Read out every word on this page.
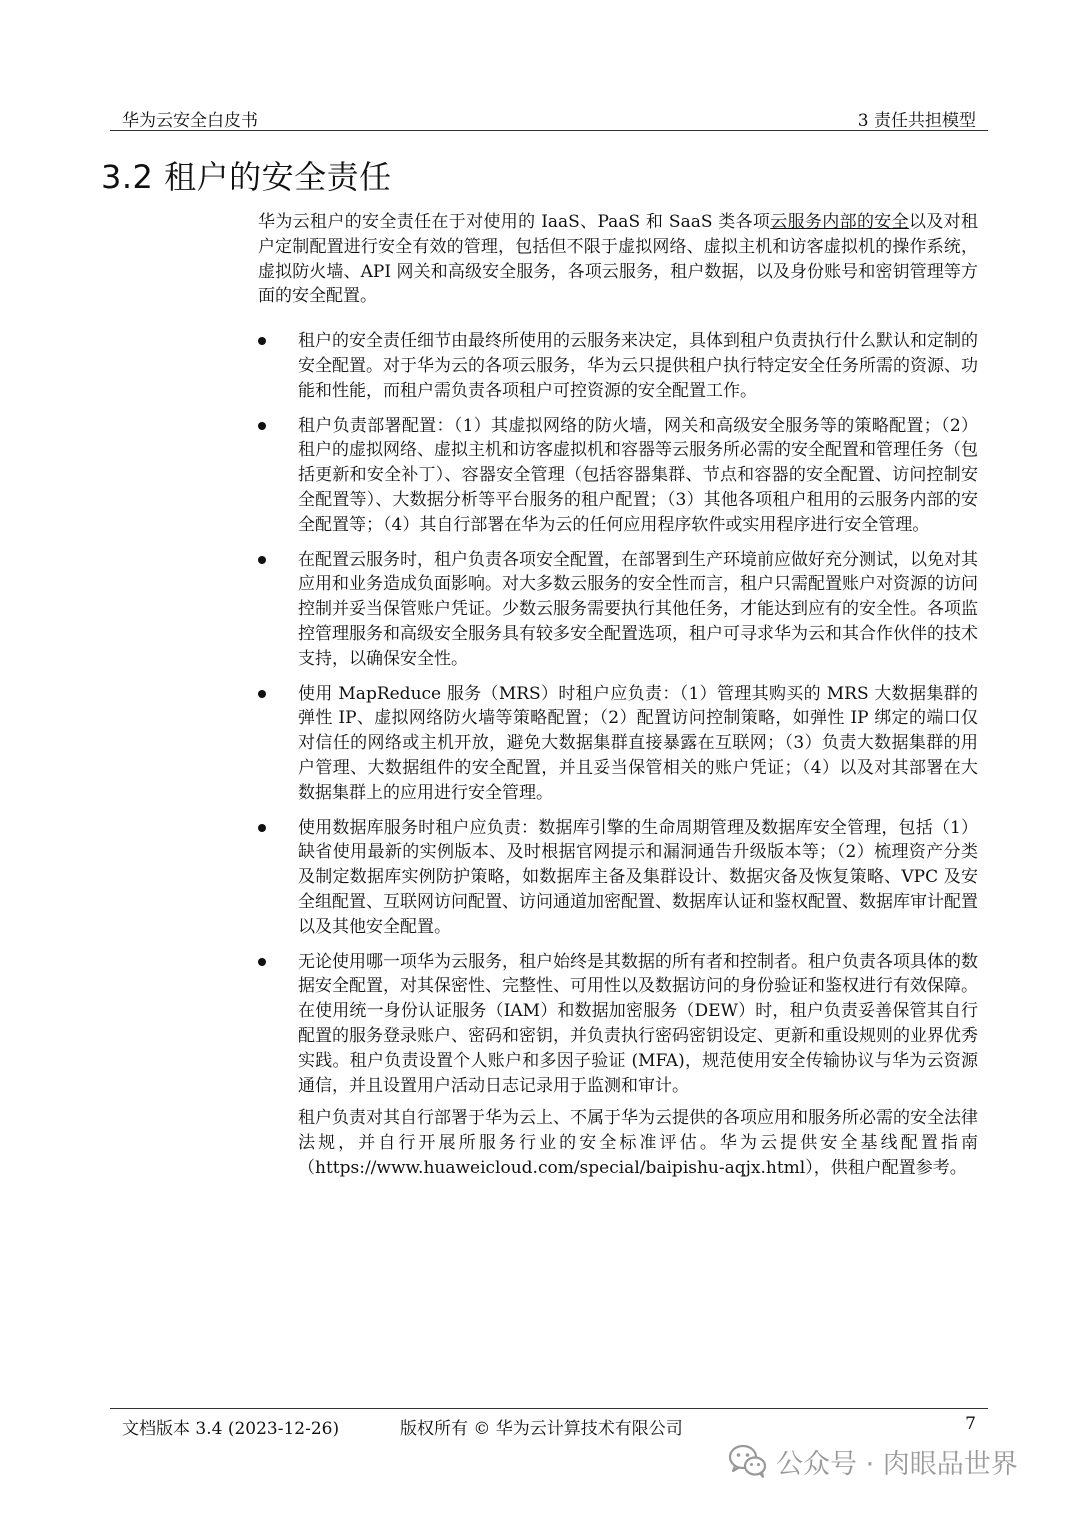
华为云安全白皮书	3 责任共担模型
3.2 租户的安全责任

华为云租户的安全责任在于对使用的 IaaS、PaaS 和 SaaS 类各项云服务内部的安全以及对租户定制配置进行安全有效的管理，包括但不限于虚拟网络、虚拟主机和访客虚拟机的操作系统，虚拟防火墙、API 网关和高级安全服务，各项云服务，租户数据，以及身份账号和密钥管理等方面的安全配置。

租户的安全责任细节由最终所使用的云服务来决定，具体到租户负责执行什么默认和定制的安全配置。对于华为云的各项云服务，华为云只提供租户执行特定安全任务所需的资源、功能和性能，而租户需负责各项租户可控资源的安全配置工作。
租户负责部署配置：（1）其虚拟网络的防火墙，网关和高级安全服务等的策略配置；（2）租户的虚拟网络、虚拟主机和访客虚拟机和容器等云服务所必需的安全配置和管理任务（包括更新和安全补丁）、容器安全管理（包括容器集群、节点和容器的安全配置、访问控制安全配置等）、大数据分析等平台服务的租户配置；（3）其他各项租户租用的云服务内部的安全配置等；（4）其自行部署在华为云的任何应用程序软件或实用程序进行安全管理。
在配置云服务时，租户负责各项安全配置，在部署到生产环境前应做好充分测试，以免对其应用和业务造成负面影响。对大多数云服务的安全性而言，租户只需配置账户对资源的访问控制并妥当保管账户凭证。少数云服务需要执行其他任务，才能达到应有的安全性。各项监控管理服务和高级安全服务具有较多安全配置选项，租户可寻求华为云和其合作伙伴的技术支持，以确保安全性。
使用 MapReduce 服务（MRS）时租户应负责：（1）管理其购买的 MRS 大数据集群的弹性 IP、虚拟网络防火墙等策略配置；（2）配置访问控制策略，如弹性 IP 绑定的端口仅对信任的网络或主机开放，避免大数据集群直接暴露在互联网；（3）负责大数据集群的用户管理、大数据组件的安全配置，并且妥当保管相关的账户凭证；（4）以及对其部署在大数据集群上的应用进行安全管理。
使用数据库服务时租户应负责：数据库引擎的生命周期管理及数据库安全管理，包括（1）缺省使用最新的实例版本、及时根据官网提示和漏洞通告升级版本等；（2）梳理资产分类及制定数据库实例防护策略，如数据库主备及集群设计、数据灾备及恢复策略、VPC 及安全组配置、互联网访问配置、访问通道加密配置、数据库认证和鉴权配置、数据库审计配置以及其他安全配置。
无论使用哪一项华为云服务，租户始终是其数据的所有者和控制者。租户负责各项具体的数据安全配置，对其保密性、完整性、可用性以及数据访问的身份验证和鉴权进行有效保障。在使用统一身份认证服务（IAM）和数据加密服务（DEW）时，租户负责妥善保管其自行配置的服务登录账户、密码和密钥，并负责执行密码密钥设定、更新和重设规则的业界优秀实践。租户负责设置个人账户和多因子验证 (MFA)，规范使用安全传输协议与华为云资源通信，并且设置用户活动日志记录用于监测和审计。

租户负责对其自行部署于华为云上、不属于华为云提供的各项应用和服务所必需的安全法律法规，并自行开展所服务行业的安全标准评估。华为云提供安全基线配置指南（https://www.huaweicloud.com/special/baipishu-aqjx.html），供租户配置参考。

文档版本 3.4 (2023-12-26)	版权所有 © 华为云计算技术有限公司	7
公众号 · 肉眼品世界
